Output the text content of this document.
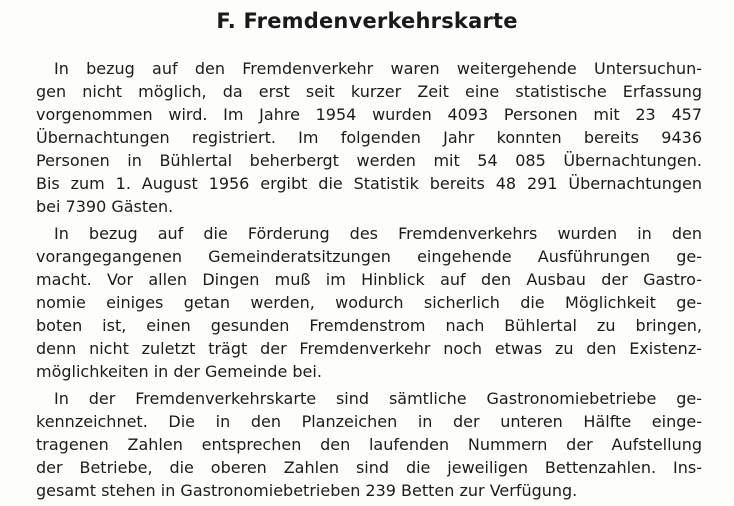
F. Fremdenverkehrskarte
In bezug auf den Fremdenverkehr waren weitergehende Untersuchun-
gen nicht möglich, da erst seit kurzer Zeit eine statistische Erfassung
vorgenommen wird. Im Jahre 1954 wurden 4093 Personen mit 23 457
Übernachtungen registriert. Im folgenden Jahr konnten bereits 9436
Personen in Bühlertal beherbergt werden mit 54 085 Übernachtungen.
Bis zum 1. August 1956 ergibt die Statistik bereits 48 291 Übernachtungen
bei 7390 Gästen.
In bezug auf die Förderung des Fremdenverkehrs wurden in den
vorangegangenen Gemeinderatsitzungen eingehende Ausführungen ge-
macht. Vor allen Dingen muß im Hinblick auf den Ausbau der Gastro-
nomie einiges getan werden, wodurch sicherlich die Möglichkeit ge-
boten ist, einen gesunden Fremdenstrom nach Bühlertal zu bringen,
denn nicht zuletzt trägt der Fremdenverkehr noch etwas zu den Existenz-
möglichkeiten in der Gemeinde bei.
In der Fremdenverkehrskarte sind sämtliche Gastronomiebetriebe ge-
kennzeichnet. Die in den Planzeichen in der unteren Hälfte einge-
tragenen Zahlen entsprechen den laufenden Nummern der Aufstellung
der Betriebe, die oberen Zahlen sind die jeweiligen Bettenzahlen. Ins-
gesamt stehen in Gastronomiebetrieben 239 Betten zur Verfügung.
